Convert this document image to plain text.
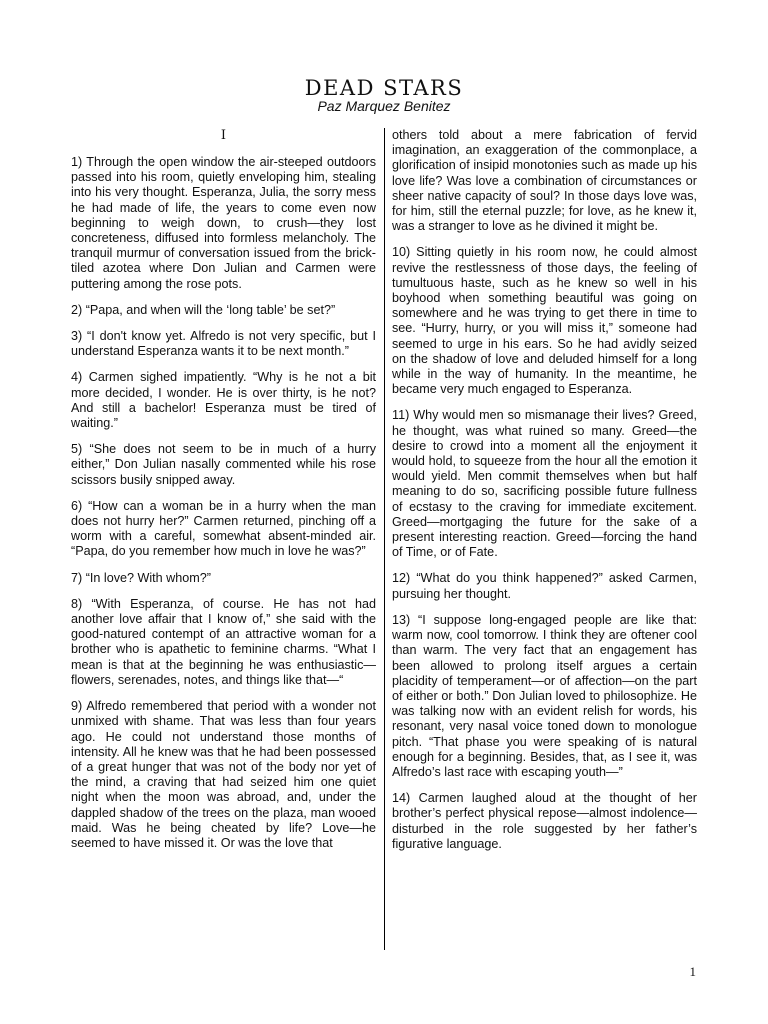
DEAD STARS
Paz Marquez Benitez
I

1) Through the open window the air-steeped outdoors passed into his room, quietly enveloping him, stealing into his very thought. Esperanza, Julia, the sorry mess he had made of life, the years to come even now beginning to weigh down, to crush—they lost concreteness, diffused into formless melancholy. The tranquil murmur of conversation issued from the brick-tiled azotea where Don Julian and Carmen were puttering among the rose pots.

2) “Papa, and when will the ‘long table’ be set?”

3) “I don't know yet. Alfredo is not very specific, but I understand Esperanza wants it to be next month.”

4) Carmen sighed impatiently. “Why is he not a bit more decided, I wonder. He is over thirty, is he not? And still a bachelor! Esperanza must be tired of waiting.”

5) “She does not seem to be in much of a hurry either,” Don Julian nasally commented while his rose scissors busily snipped away.

6) “How can a woman be in a hurry when the man does not hurry her?” Carmen returned, pinching off a worm with a careful, somewhat absent-minded air. “Papa, do you remember how much in love he was?”

7) “In love? With whom?”

8) “With Esperanza, of course. He has not had another love affair that I know of,” she said with the good-natured contempt of an attractive woman for a brother who is apathetic to feminine charms. “What I mean is that at the beginning he was enthusiastic—flowers, serenades, notes, and things like that—“

9) Alfredo remembered that period with a wonder not unmixed with shame. That was less than four years ago. He could not understand those months of intensity. All he knew was that he had been possessed of a great hunger that was not of the body nor yet of the mind, a craving that had seized him one quiet night when the moon was abroad, and, under the dappled shadow of the trees on the plaza, man wooed maid. Was he being cheated by life? Love—he seemed to have missed it. Or was the love that

others told about a mere fabrication of fervid imagination, an exaggeration of the commonplace, a glorification of insipid monotonies such as made up his love life? Was love a combination of circumstances or sheer native capacity of soul? In those days love was, for him, still the eternal puzzle; for love, as he knew it, was a stranger to love as he divined it might be.

10) Sitting quietly in his room now, he could almost revive the restlessness of those days, the feeling of tumultuous haste, such as he knew so well in his boyhood when something beautiful was going on somewhere and he was trying to get there in time to see. “Hurry, hurry, or you will miss it,” someone had seemed to urge in his ears. So he had avidly seized on the shadow of love and deluded himself for a long while in the way of humanity. In the meantime, he became very much engaged to Esperanza.

11) Why would men so mismanage their lives? Greed, he thought, was what ruined so many. Greed—the desire to crowd into a moment all the enjoyment it would hold, to squeeze from the hour all the emotion it would yield. Men commit themselves when but half meaning to do so, sacrificing possible future fullness of ecstasy to the craving for immediate excitement. Greed—mortgaging the future for the sake of a present interesting reaction. Greed—forcing the hand of Time, or of Fate.

12) “What do you think happened?” asked Carmen, pursuing her thought.

13) “I suppose long-engaged people are like that: warm now, cool tomorrow. I think they are oftener cool than warm. The very fact that an engagement has been allowed to prolong itself argues a certain placidity of temperament—or of affection—on the part of either or both.” Don Julian loved to philosophize. He was talking now with an evident relish for words, his resonant, very nasal voice toned down to monologue pitch. “That phase you were speaking of is natural enough for a beginning. Besides, that, as I see it, was Alfredo’s last race with escaping youth—”

14) Carmen laughed aloud at the thought of her brother’s perfect physical repose—almost indolence—disturbed in the role suggested by her father’s figurative language.

1
